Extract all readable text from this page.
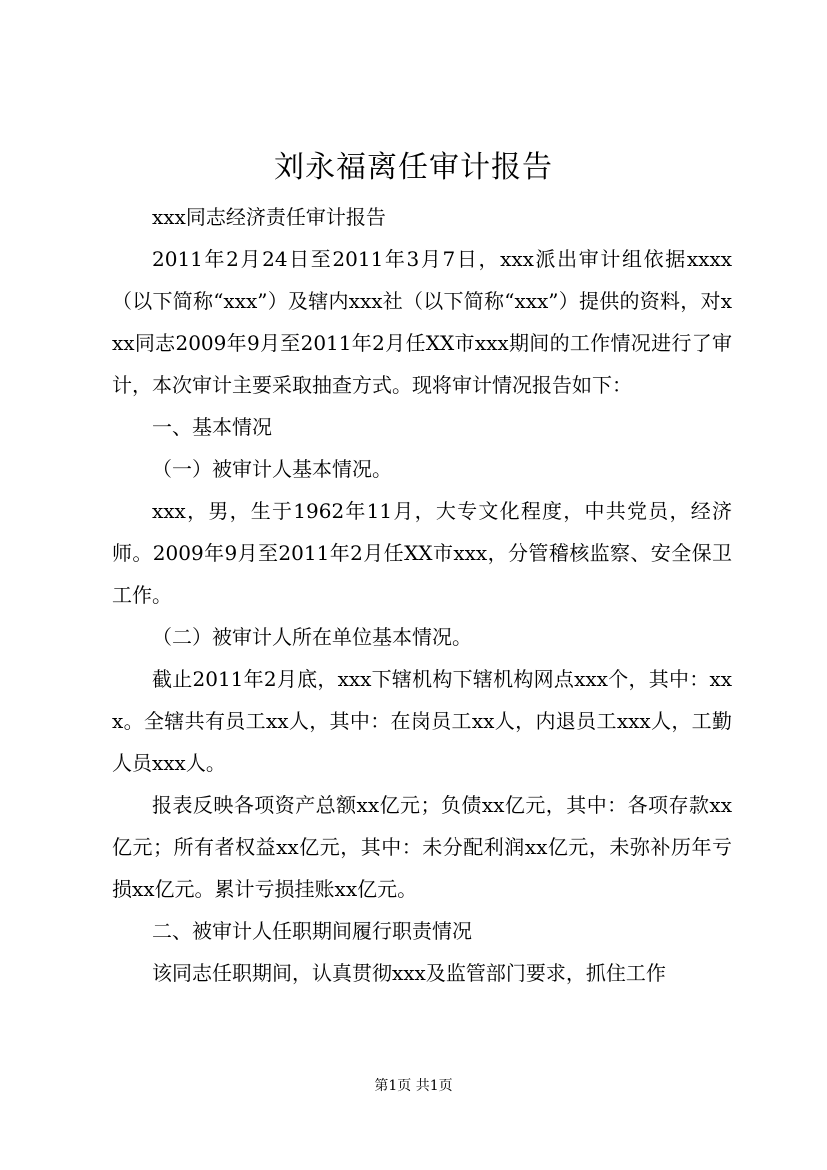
刘永福离任审计报告

xxx同志经济责任审计报告

2011年2月24日至2011年3月7日，xxx派出审计组依据xxxx（以下简称“xxx”）及辖内xxx社（以下简称“xxx”）提供的资料，对xxx同志2009年9月至2011年2月任XX市xxx期间的工作情况进行了审计，本次审计主要采取抽查方式。现将审计情况报告如下：

一、基本情况

（一）被审计人基本情况。

xxx，男，生于1962年11月，大专文化程度，中共党员，经济师。2009年9月至2011年2月任XX市xxx，分管稽核监察、安全保卫工作。

（二）被审计人所在单位基本情况。

截止2011年2月底，xxx下辖机构下辖机构网点xxx个，其中：xxx。全辖共有员工xx人，其中：在岗员工xx人，内退员工xxx人，工勤人员xxx人。

报表反映各项资产总额xx亿元；负债xx亿元，其中：各项存款xx亿元；所有者权益xx亿元，其中：未分配利润xx亿元，未弥补历年亏损xx亿元。累计亏损挂账xx亿元。

二、被审计人任职期间履行职责情况

该同志任职期间，认真贯彻xxx及监管部门要求，抓住工作

第1页 共1页
